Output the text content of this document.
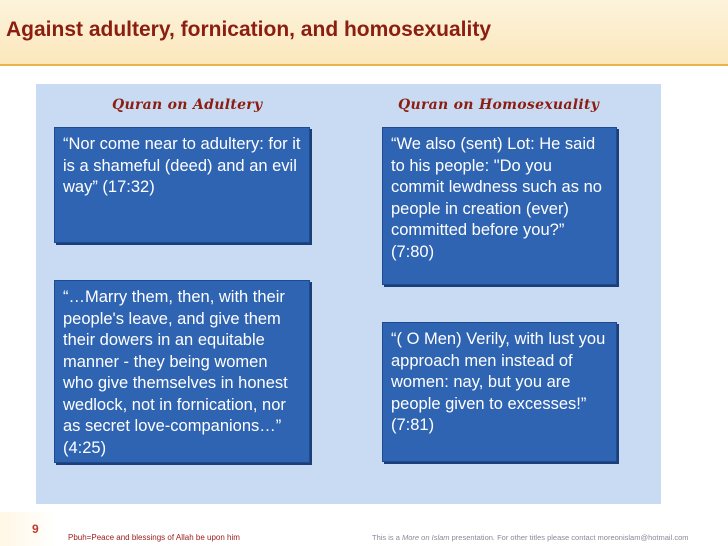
Against adultery, fornication, and homosexuality
Quran on Adultery	Quran on Homosexuality
“Nor come near to adultery: for it is a shameful (deed) and an evil way” (17:32)
“…Marry them, then, with their people's leave, and give them their dowers in an equitable manner - they being women who give themselves in honest wedlock, not in fornication, nor as secret love-companions…” (4:25)
“We also (sent) Lot: He said to his people: "Do you commit lewdness such as no people in creation (ever) committed before you?” (7:80)
“( O Men) Verily, with lust you approach men instead of women: nay, but you are people given to excesses!” (7:81)
9
Pbuh=Peace and blessings of Allah be upon him	This is a More on Islam presentation. For other titles please contact moreonislam@hotmail.com
